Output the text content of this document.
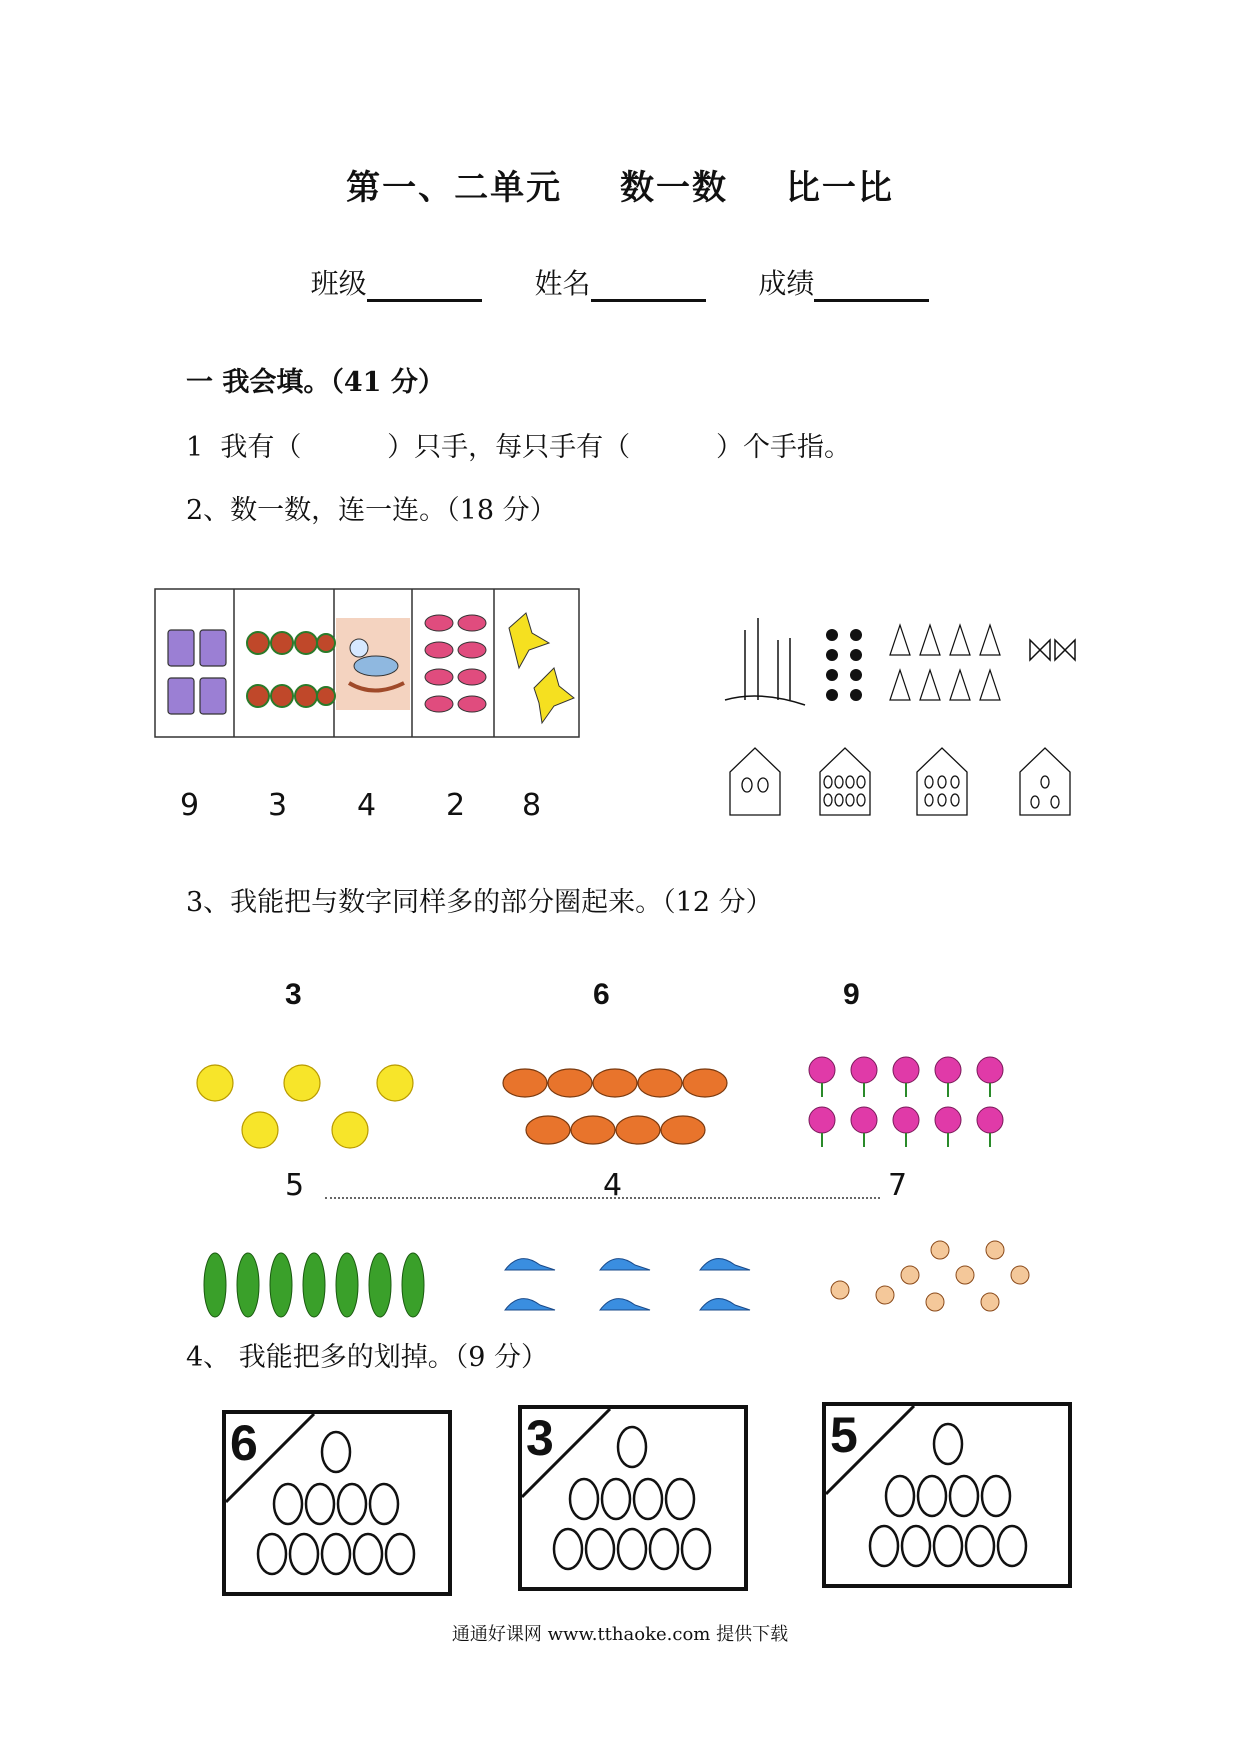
第一、二单元 数一数 比一比
班级	姓名	成绩
一 我会填。（41 分）
1  我有（          ）只手，每只手有（          ）个手指。
2、数一数，连一连。（18 分）
9 3 4 2 8
3、我能把与数字同样多的部分圈起来。（12 分）
3	6	9
5	4	7
4、 我能把多的划掉。（9 分）
6	3	5
通通好课网 www.tthaoke.com 提供下载
